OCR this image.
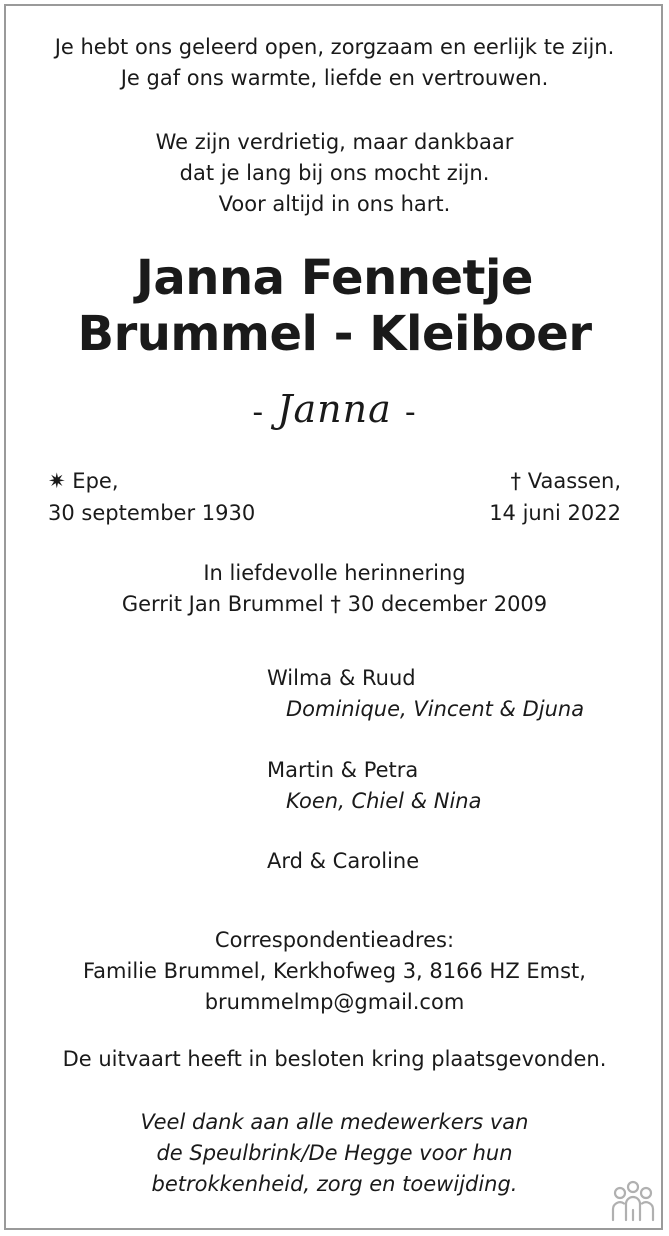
Je hebt ons geleerd open, zorgzaam en eerlijk te zijn.
Je gaf ons warmte, liefde en vertrouwen.
We zijn verdrietig, maar dankbaar
dat je lang bij ons mocht zijn.
Voor altijd in ons hart.
Janna Fennetje
Brummel - Kleiboer
- Janna -
✷ Epe,
30 september 1930
† Vaassen,
14 juni 2022
In liefdevolle herinnering
Gerrit Jan Brummel † 30 december 2009
Wilma & Ruud
Dominique, Vincent & Djuna
Martin & Petra
Koen, Chiel & Nina
Ard & Caroline
Correspondentieadres:
Familie Brummel, Kerkhofweg 3, 8166 HZ Emst,
brummelmp@gmail.com
De uitvaart heeft in besloten kring plaatsgevonden.
Veel dank aan alle medewerkers van
de Speulbrink/De Hegge voor hun
betrokkenheid, zorg en toewijding.
